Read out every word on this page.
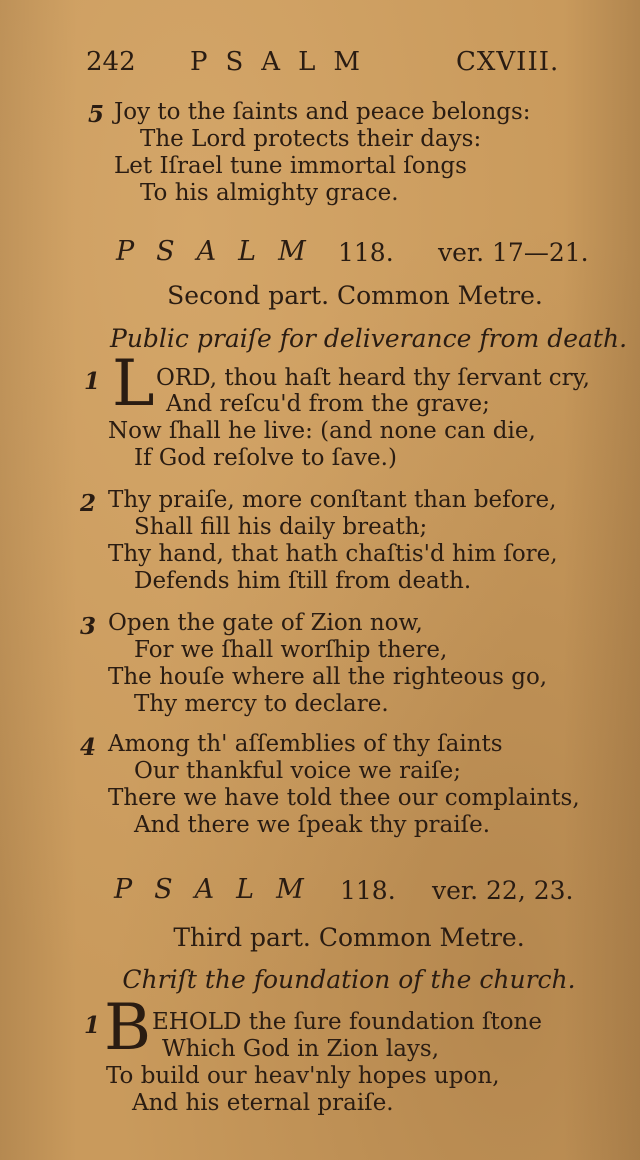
242 PSALM	CXVIII.
5 Joy to the ſaints and peace belongs:
The Lord protects their days:
Let Iſrael tune immortal ſongs
To his almighty grace.
PSALM 118. ver. 17—21.
Second part. Common Metre.
Public praiſe for deliverance from death.
1 L ORD, thou haſt heard thy ſervant cry,
And reſcu'd from the grave;
Now ſhall he live: (and none can die,
If God reſolve to ſave.)
2 Thy praiſe, more conſtant than before,
Shall fill his daily breath;
Thy hand, that hath chaſtis'd him ſore,
Defends him ſtill from death.
3 Open the gate of Zion now,
For we ſhall worſhip there,
The houſe where all the righteous go,
Thy mercy to declare.
4 Among th' aſſemblies of thy ſaints
Our thankful voice we raiſe;
There we have told thee our complaints,
And there we ſpeak thy praiſe.
PSALM 118. ver. 22, 23.
Third part. Common Metre.
Chriſt the foundation of the church.
1 B EHOLD the ſure foundation ſtone
Which God in Zion lays,
To build our heav'nly hopes upon,
And his eternal praiſe.
